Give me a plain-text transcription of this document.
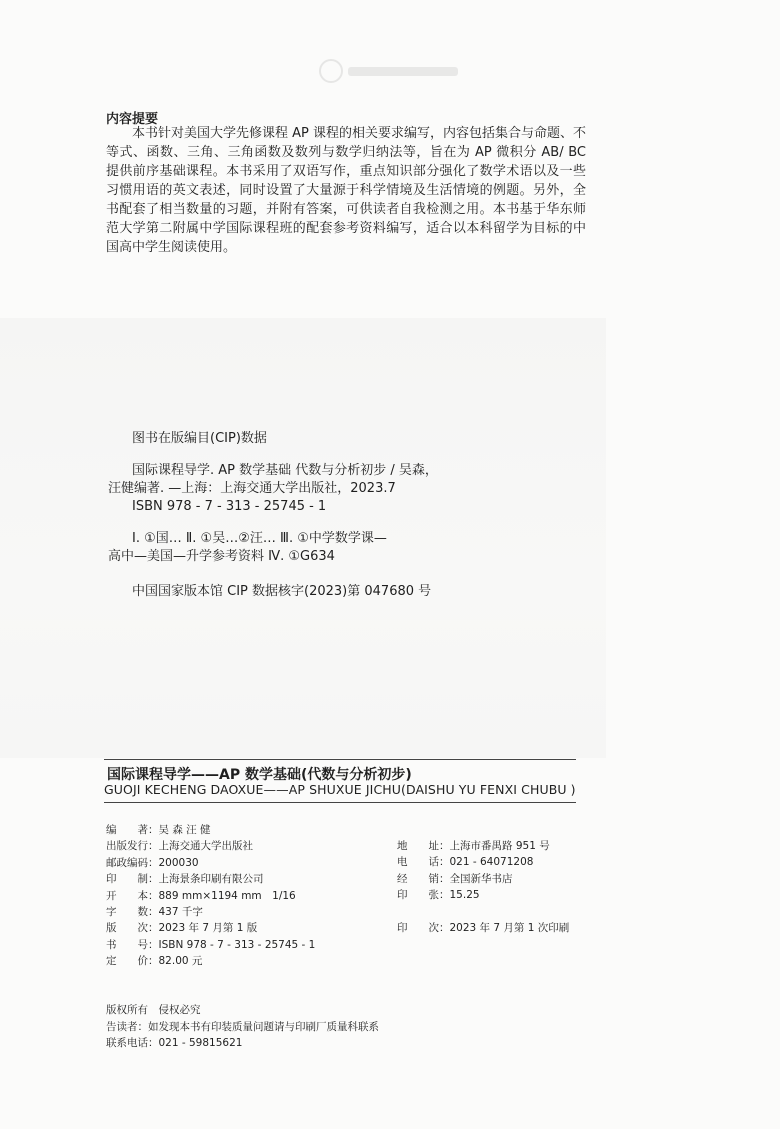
内容提要

本书针对美国大学先修课程 AP 课程的相关要求编写，内容包括集合与命题、不等式、函数、三角、三角函数及数列与数学归纳法等，旨在为 AP 微积分 AB/ BC 提供前序基础课程。本书采用了双语写作，重点知识部分强化了数学术语以及一些习惯用语的英文表述，同时设置了大量源于科学情境及生活情境的例题。另外，全书配套了相当数量的习题，并附有答案，可供读者自我检测之用。本书基于华东师范大学第二附属中学国际课程班的配套参考资料编写，适合以本科留学为目标的中国高中学生阅读使用。

图书在版编目(CIP)数据
国际课程导学. AP 数学基础 代数与分析初步 / 吴森，
汪健编著. —上海：上海交通大学出版社，2023.7
ISBN 978 - 7 - 313 - 25745 - 1
Ⅰ. ①国… Ⅱ. ①吴…②汪… Ⅲ. ①中学数学课—
高中—美国—升学参考资料 Ⅳ. ①G634
中国国家版本馆 CIP 数据核字(2023)第 047680 号
国际课程导学——AP 数学基础(代数与分析初步)
GUOJI KECHENG DAOXUE——AP SHUXUE JICHU(DAISHU YU FENXI CHUBU )
编　　著：吴 森 汪 健
出版发行：上海交通大学出版社
邮政编码：200030
印　　制：上海景条印刷有限公司
开　　本：889 mm×1194 mm　1/16
字　　数：437 千字
版　　次：2023 年 7 月第 1 版
书　　号：ISBN 978 - 7 - 313 - 25745 - 1
定　　价：82.00 元
地　　址：上海市番禺路 951 号
电　　话：021 - 64071208
经　　销：全国新华书店
印　　张：15.25
印　　次：2023 年 7 月第 1 次印刷
版权所有　侵权必究
告读者：如发现本书有印装质量问题请与印刷厂质量科联系
联系电话：021 - 59815621
